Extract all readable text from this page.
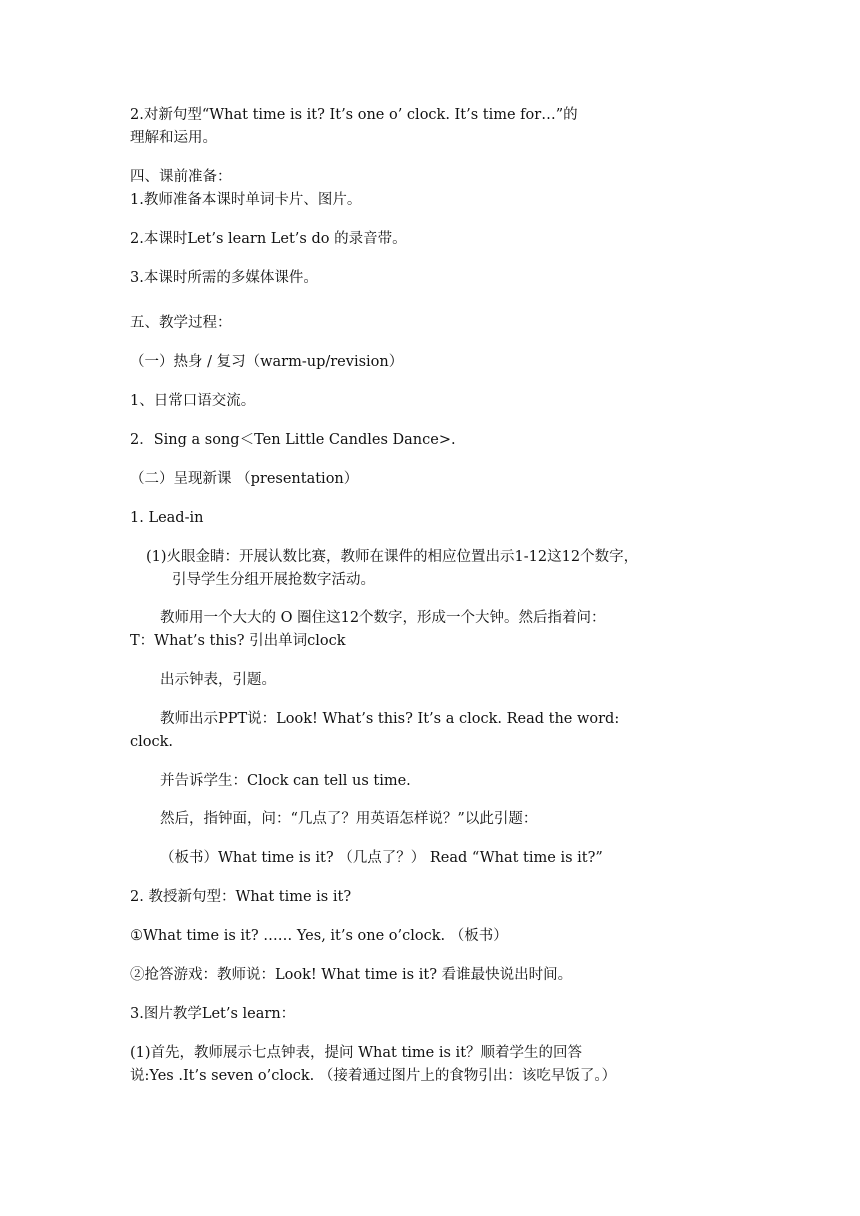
2.对新句型“What time is it? It’s one o’ clock. It’s time for…”的
理解和运用。
四、课前准备：
1.教师准备本课时单词卡片、图片。
2.本课时Let’s learn Let’s do 的录音带。
3.本课时所需的多媒体课件。
五、教学过程：
（一）热身 / 复习（warm-up/revision）
1、日常口语交流。
2．Sing a song＜Ten Little Candles Dance>.
（二）呈现新课 （presentation）
1. Lead-in
(1)火眼金睛：开展认数比赛，教师在课件的相应位置出示1-12这12个数字，
引导学生分组开展抢数字活动。
教师用一个大大的 O 圈住这12个数字，形成一个大钟。然后指着问：
T：What’s this? 引出单词clock
出示钟表，引题。
教师出示PPT说：Look! What’s this? It’s a clock. Read the word:
clock.
并告诉学生：Clock can tell us time.
然后，指钟面，问：“几点了？用英语怎样说？”以此引题：
（板书）What time is it? （几点了？） Read “What time is it?”
2. 教授新句型：What time is it?
①What time is it? …… Yes, it’s one o’clock. （板书）
②抢答游戏：教师说：Look! What time is it? 看谁最快说出时间。
3.图片教学Let’s learn：
(1)首先，教师展示七点钟表，提问 What time is it？顺着学生的回答
说:Yes .It’s seven o’clock. （接着通过图片上的食物引出：该吃早饭了。）
